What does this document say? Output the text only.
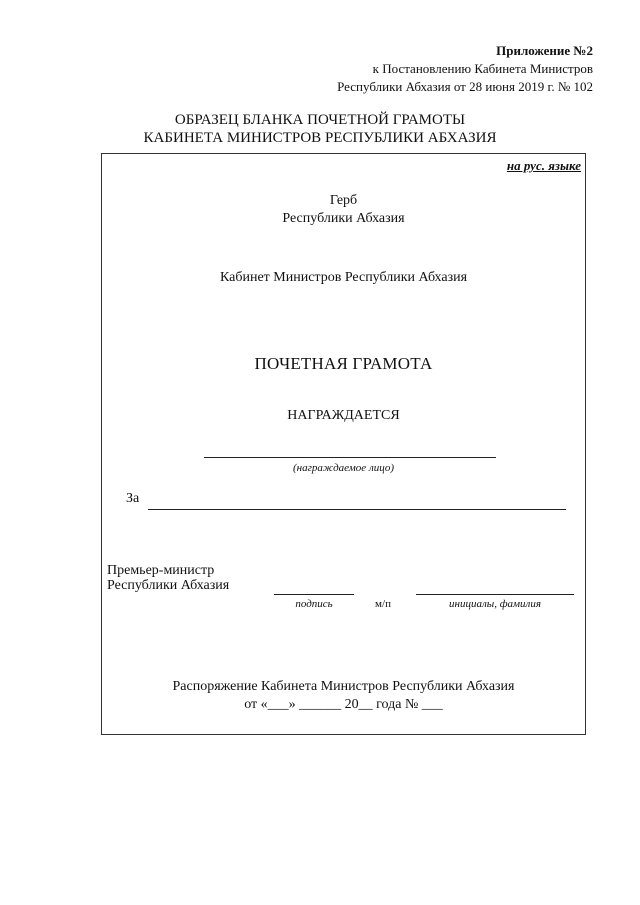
Приложение №2
к Постановлению Кабинета Министров
Республики Абхазия от 28 июня 2019 г. № 102
ОБРАЗЕЦ БЛАНКА ПОЧЕТНОЙ ГРАМОТЫ
КАБИНЕТА МИНИСТРОВ РЕСПУБЛИКИ АБХАЗИЯ
на рус. языке
Герб
Республики Абхазия
Кабинет Министров Республики Абхазия
ПОЧЕТНАЯ ГРАМОТА
НАГРАЖДАЕТСЯ
(награждаемое лицо)
За
Премьер-министр
Республики Абхазия
подпись	м/п	инициалы, фамилия
Распоряжение Кабинета Министров Республики Абхазия
от «___» ______ 20__ года № ___
